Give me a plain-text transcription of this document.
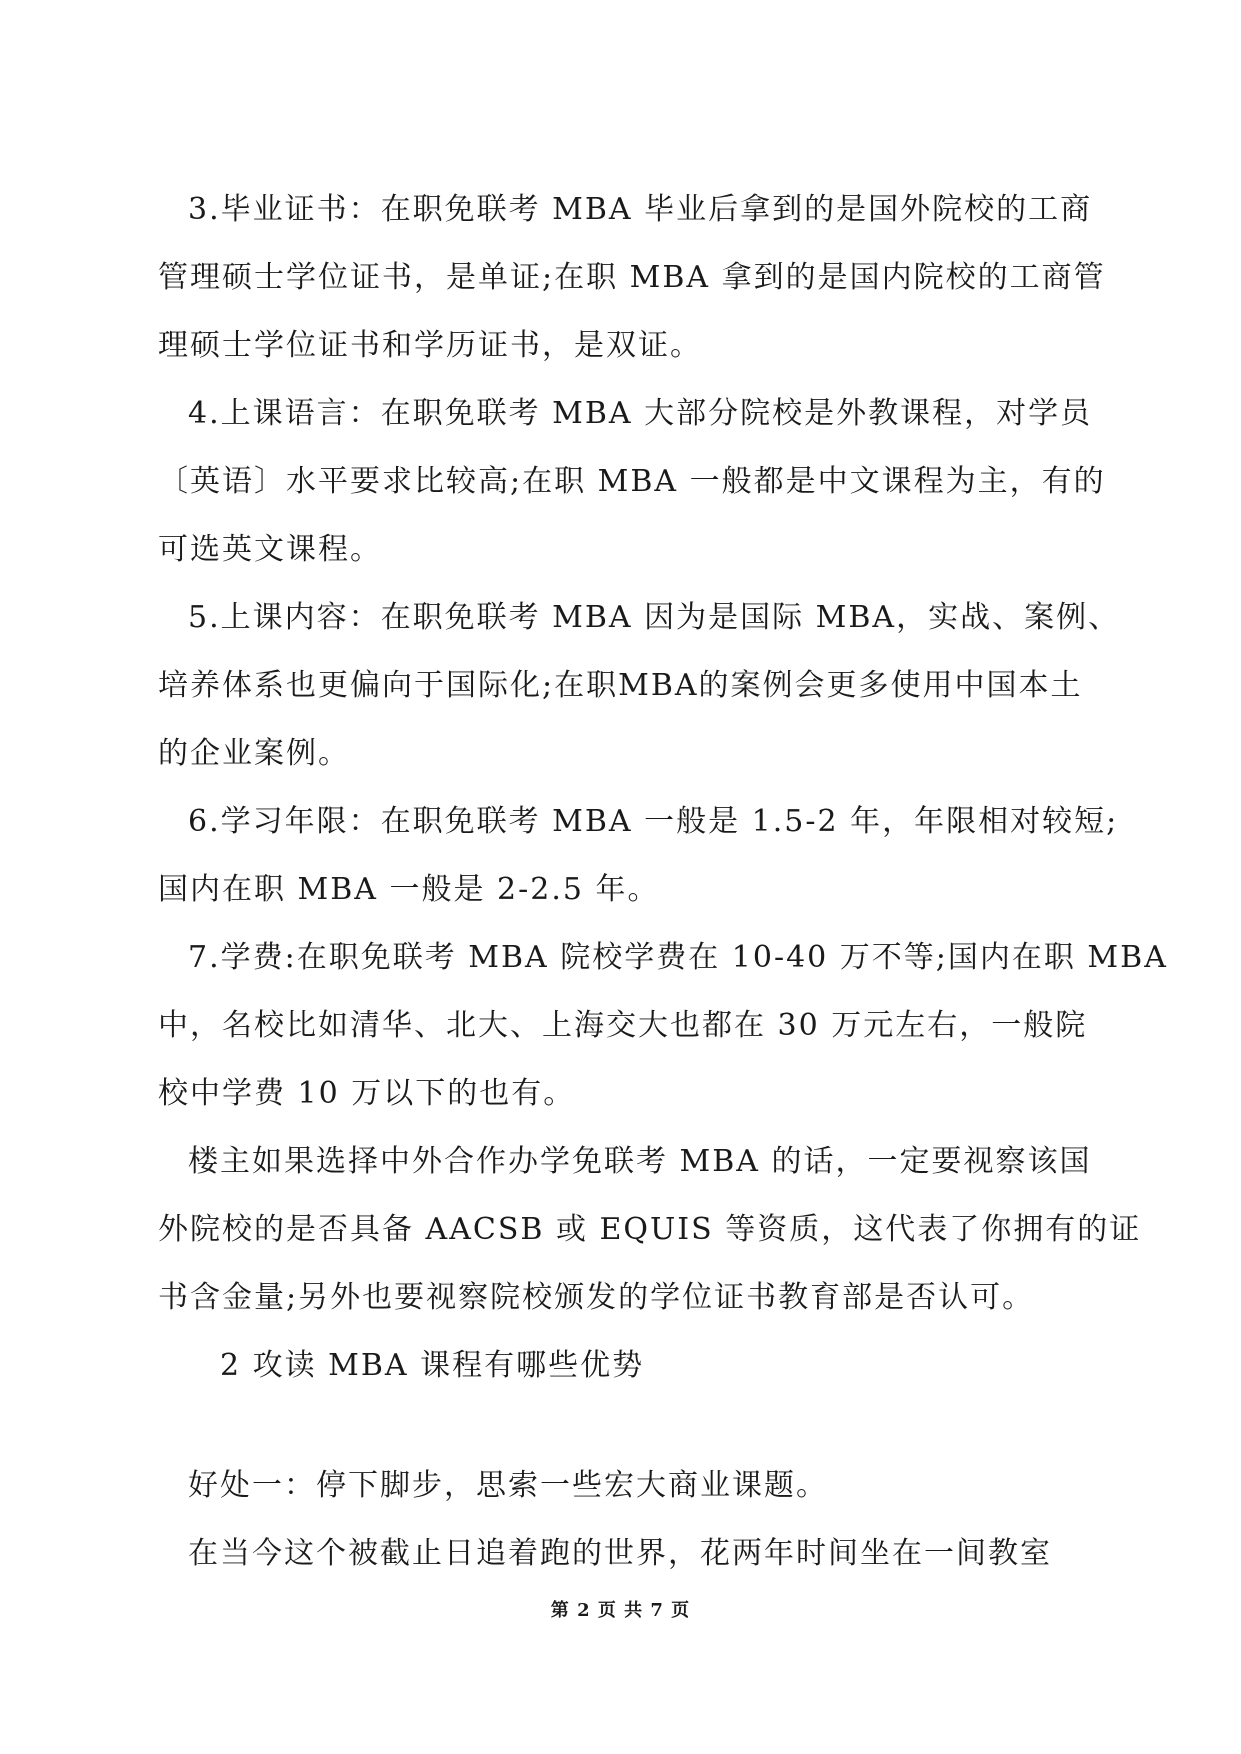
3.毕业证书：在职免联考 MBA 毕业后拿到的是国外院校的工商
管理硕士学位证书，是单证;在职 MBA 拿到的是国内院校的工商管
理硕士学位证书和学历证书，是双证。
4.上课语言：在职免联考 MBA 大部分院校是外教课程，对学员
〔英语〕水平要求比较高;在职 MBA 一般都是中文课程为主，有的
可选英文课程。
5.上课内容：在职免联考 MBA 因为是国际 MBA，实战、案例、
培养体系也更偏向于国际化;在职MBA的案例会更多使用中国本土
的企业案例。
6.学习年限：在职免联考 MBA 一般是 1.5-2 年，年限相对较短;
国内在职 MBA 一般是 2-2.5 年。
7.学费:在职免联考 MBA 院校学费在 10-40 万不等;国内在职 MBA
中，名校比如清华、北大、上海交大也都在 30 万元左右，一般院
校中学费 10 万以下的也有。
楼主如果选择中外合作办学免联考 MBA 的话，一定要视察该国
外院校的是否具备 AACSB 或 EQUIS 等资质，这代表了你拥有的证
书含金量;另外也要视察院校颁发的学位证书教育部是否认可。
2 攻读 MBA 课程有哪些优势
好处一：停下脚步，思索一些宏大商业课题。
在当今这个被截止日追着跑的世界，花两年时间坐在一间教室
第 2 页 共 7 页
